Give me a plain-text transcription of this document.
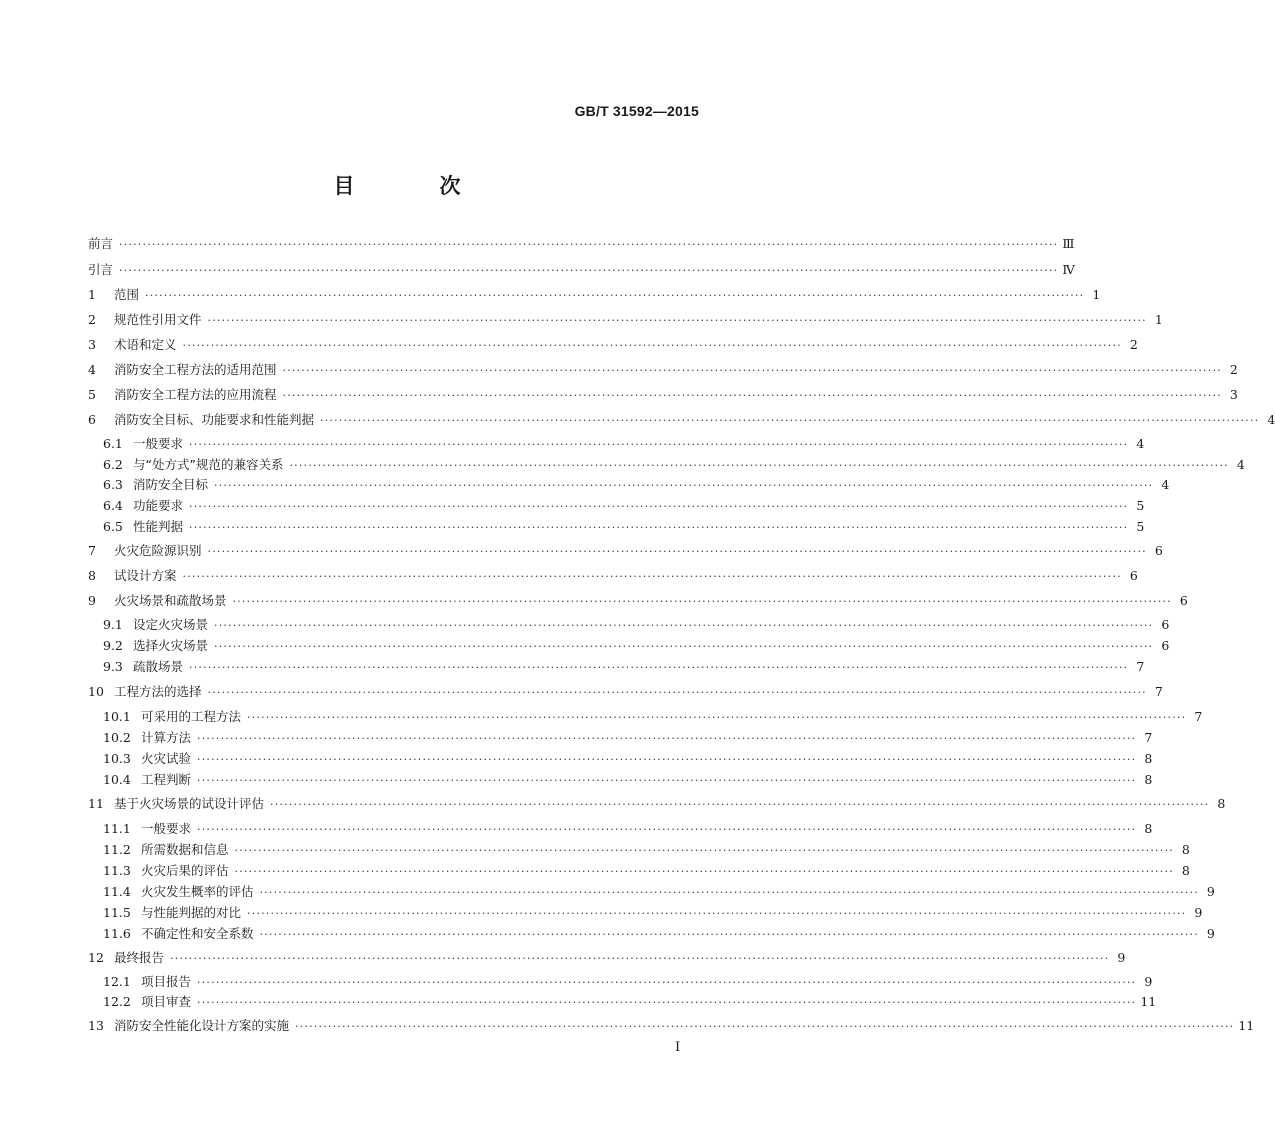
GB/T 31592—2015
目　次
前言 ········································································································································································································ Ⅲ
引言 ········································································································································································································ Ⅳ
1	范围 ········································································································································································································ 1
2	规范性引用文件 ········································································································································································································ 1
3	术语和定义 ········································································································································································································ 2
4	消防安全工程方法的适用范围 ········································································································································································································ 2
5	消防安全工程方法的应用流程 ········································································································································································································ 3
6	消防安全目标、功能要求和性能判据 ········································································································································································································ 4
6.1 一般要求 ········································································································································································································ 4
6.2 与“处方式”规范的兼容关系 ········································································································································································································ 4
6.3 消防安全目标 ········································································································································································································ 4
6.4 功能要求 ········································································································································································································ 5
6.5 性能判据 ········································································································································································································ 5
7	火灾危险源识别 ········································································································································································································ 6
8	试设计方案 ········································································································································································································ 6
9	火灾场景和疏散场景 ········································································································································································································ 6
9.1 设定火灾场景 ········································································································································································································ 6
9.2 选择火灾场景 ········································································································································································································ 6
9.3 疏散场景 ········································································································································································································ 7
10 工程方法的选择 ········································································································································································································ 7
10.1 可采用的工程方法 ········································································································································································································ 7
10.2 计算方法 ········································································································································································································ 7
10.3 火灾试验 ········································································································································································································ 8
10.4 工程判断 ········································································································································································································ 8
11 基于火灾场景的试设计评估 ········································································································································································································ 8
11.1 一般要求 ········································································································································································································ 8
11.2 所需数据和信息 ········································································································································································································ 8
11.3 火灾后果的评估 ········································································································································································································ 8
11.4 火灾发生概率的评估 ········································································································································································································ 9
11.5 与性能判据的对比 ········································································································································································································ 9
11.6 不确定性和安全系数 ········································································································································································································ 9
12 最终报告 ········································································································································································································ 9
12.1 项目报告 ········································································································································································································ 9
12.2 项目审查 ········································································································································································································ 11
13 消防安全性能化设计方案的实施 ········································································································································································································ 11
I
